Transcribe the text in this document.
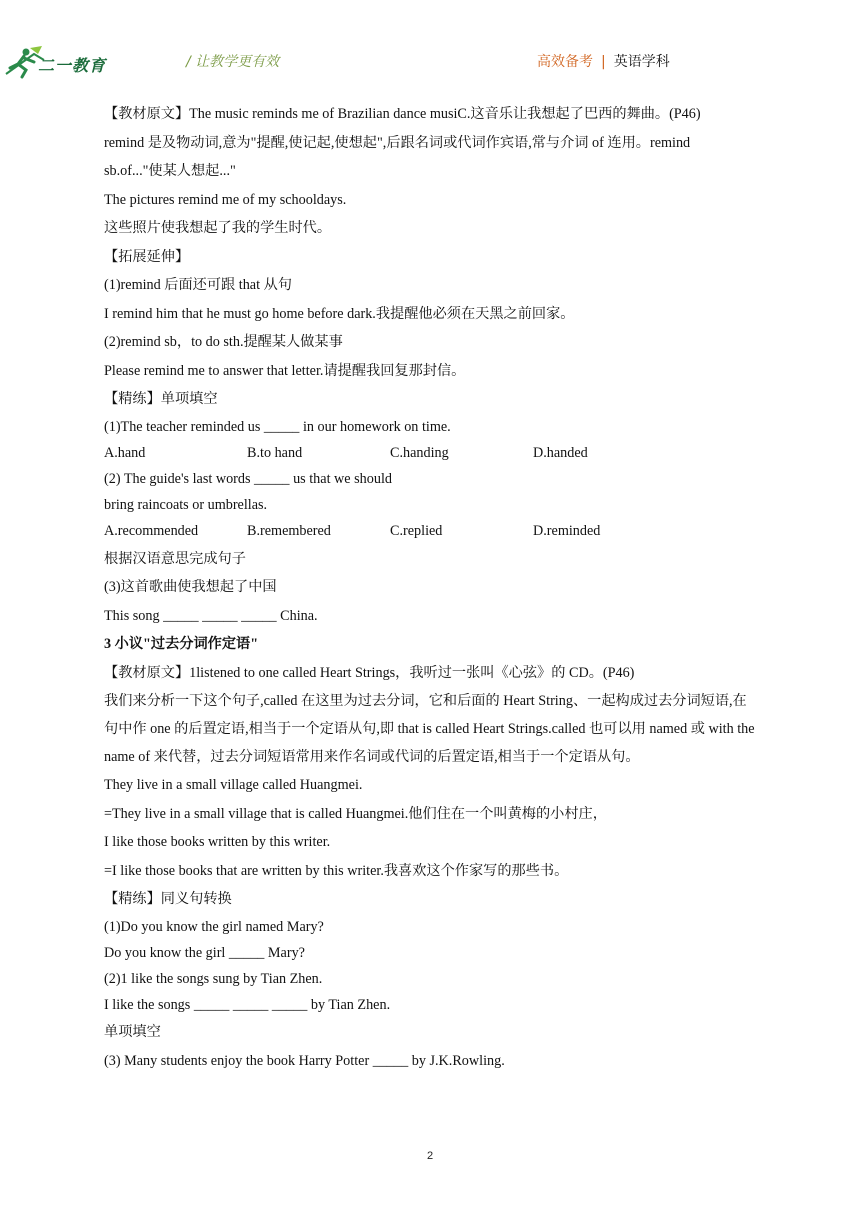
二一教育	/ 让教学更有效	高效备考 | 英语学科
【教材原文】The music reminds me of Brazilian dance musiC.这音乐让我想起了巴西的舞曲。(P46)
remind 是及物动词,意为"提醒,使记起,使想起",后跟名词或代词作宾语,常与介词 of 连用。remind
sb.of..."使某人想起..."
The pictures remind me of my schooldays.
这些照片使我想起了我的学生时代。
【拓展延伸】
(1)remind 后面还可跟 that 从句
I remind him that he must go home before dark.我提醒他必须在天黑之前回家。
(2)remind sb，to do sth.提醒某人做某事
Please remind me to answer that letter.请提醒我回复那封信。
【精练】单项填空
(1)The teacher reminded us _____ in our homework on time.
A.hand	B.to hand	C.handing	D.handed
(2) The guide's last words _____ us that we should
bring raincoats or umbrellas.
A.recommended	B.remembered	C.replied	D.reminded
根据汉语意思完成句子
(3)这首歌曲使我想起了中国
This song _____ _____ _____ China.
3 小议"过去分词作定语"
【教材原文】1listened to one called Heart Strings，我听过一张叫《心弦》的 CD。(P46)
我们来分析一下这个句子,called 在这里为过去分词，它和后面的 Heart String、一起构成过去分词短语,在句中作 one 的后置定语,相当于一个定语从句,即 that is called Heart Strings.called 也可以用 named 或 with the name of 来代替，过去分词短语常用来作名词或代词的后置定语,相当于一个定语从句。
They live in a small village called Huangmei.
=They live in a small village that is called Huangmei.他们住在一个叫黄梅的小村庄，
I like those books written by this writer.
=I like those books that are written by this writer.我喜欢这个作家写的那些书。
【精练】同义句转换
(1)Do you know the girl named Mary?
Do you know the girl _____ Mary?
(2)1 like the songs sung by Tian Zhen.
I like the songs _____ _____ _____ by Tian Zhen.
单项填空
(3) Many students enjoy the book Harry Potter _____ by J.K.Rowling.
2
